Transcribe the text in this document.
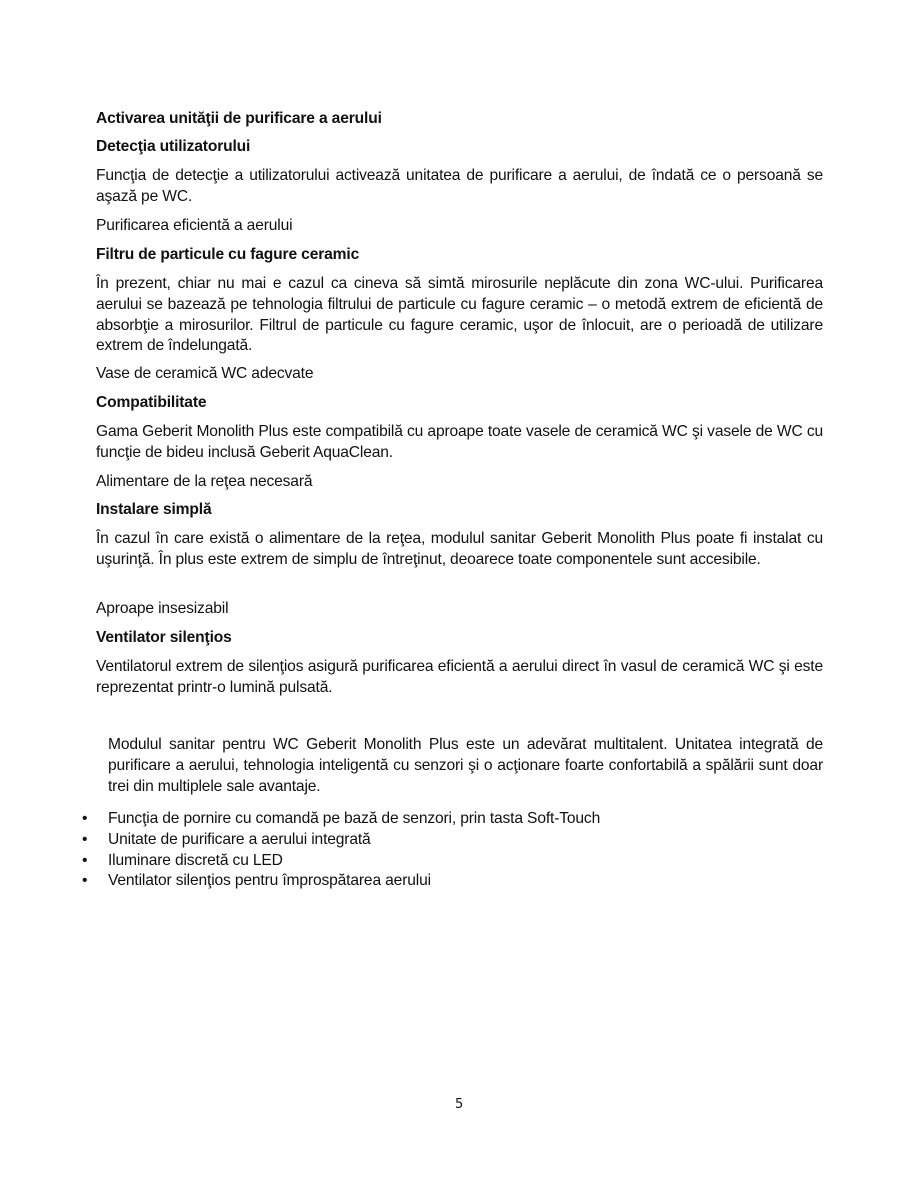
Activarea unităţii de purificare a aerului
Detecţia utilizatorului
Funcţia de detecţie a utilizatorului activează unitatea de purificare a aerului, de îndată ce o persoană se aşază pe WC.
Purificarea eficientă a aerului
Filtru de particule cu fagure ceramic
În prezent, chiar nu mai e cazul ca cineva să simtă mirosurile neplăcute din zona WC-ului. Purificarea aerului se bazează pe tehnologia filtrului de particule cu fagure ceramic – o metodă extrem de eficientă de absorbţie a mirosurilor. Filtrul de particule cu fagure ceramic, uşor de înlocuit, are o perioadă de utilizare extrem de îndelungată.
Vase de ceramică WC adecvate
Compatibilitate
Gama Geberit Monolith Plus este compatibilă cu aproape toate vasele de ceramică WC şi vasele de WC cu funcţie de bideu inclusă Geberit AquaClean.
Alimentare de la reţea necesară
Instalare simplă
În cazul în care există o alimentare de la reţea, modulul sanitar Geberit Monolith Plus poate fi instalat cu uşurinţă. În plus este extrem de simplu de întreţinut, deoarece toate componentele sunt accesibile.
Aproape insesizabil
Ventilator silenţios
Ventilatorul extrem de silenţios asigură purificarea eficientă a aerului direct în vasul de ceramică WC şi este reprezentat printr-o lumină pulsată.
Modulul sanitar pentru WC Geberit Monolith Plus este un adevărat multitalent. Unitatea integrată de purificare a aerului, tehnologia inteligentă cu senzori şi o acţionare foarte confortabilă a spălării sunt doar trei din multiplele sale avantaje.
• Funcţia de pornire cu comandă pe bază de senzori, prin tasta Soft-Touch
• Unitate de purificare a aerului integrată
• Iluminare discretă cu LED
• Ventilator silenţios pentru împrospătarea aerului
5
